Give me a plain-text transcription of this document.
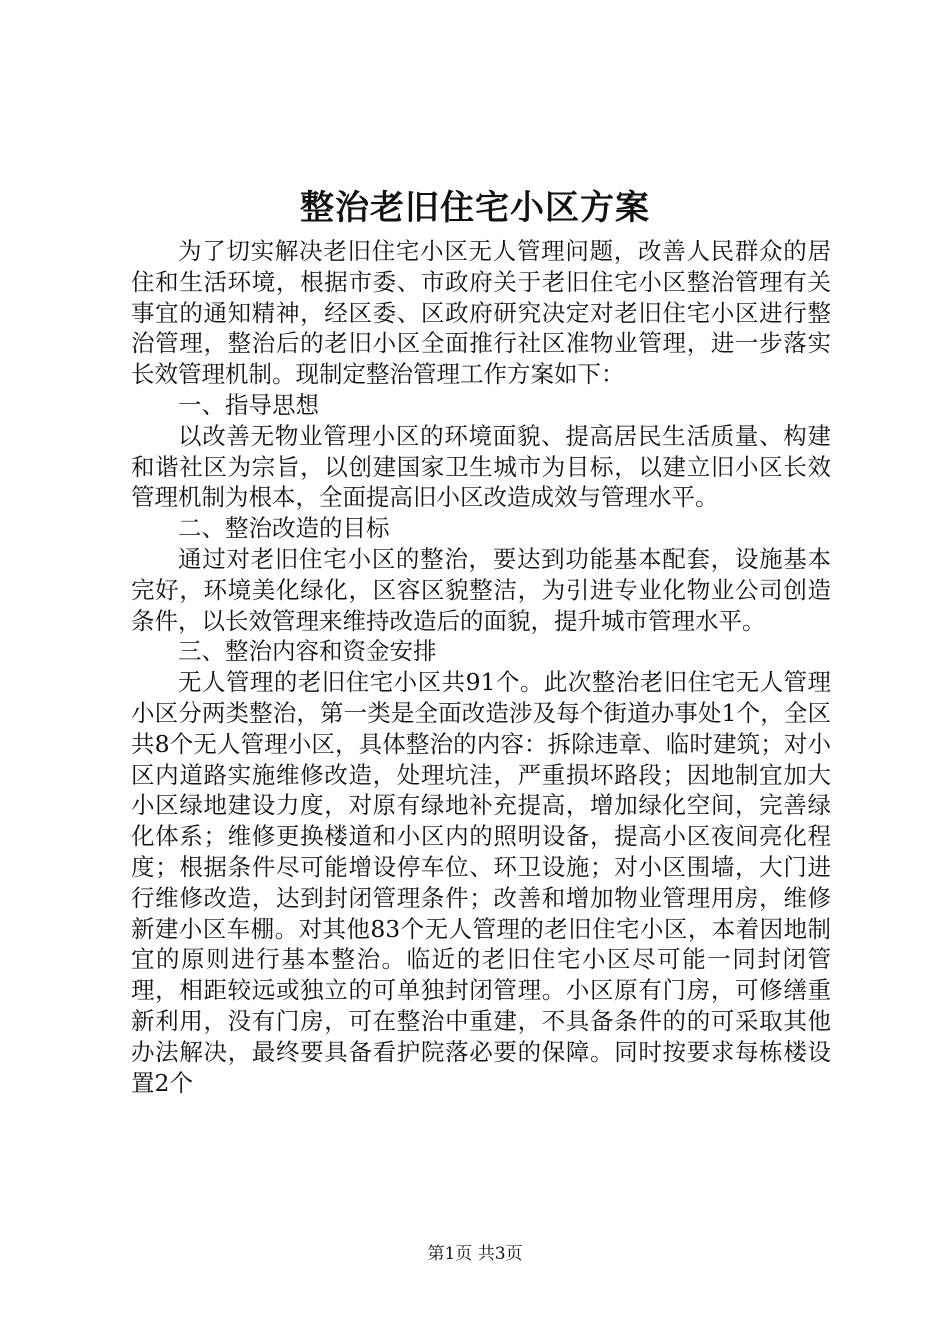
整治老旧住宅小区方案

为了切实解决老旧住宅小区无人管理问题，改善人民群众的居住和生活环境，根据市委、市政府关于老旧住宅小区整治管理有关事宜的通知精神，经区委、区政府研究决定对老旧住宅小区进行整治管理，整治后的老旧小区全面推行社区准物业管理，进一步落实长效管理机制。现制定整治管理工作方案如下：

一、指导思想

以改善无物业管理小区的环境面貌、提高居民生活质量、构建和谐社区为宗旨，以创建国家卫生城市为目标，以建立旧小区长效管理机制为根本，全面提高旧小区改造成效与管理水平。

二、整治改造的目标

通过对老旧住宅小区的整治，要达到功能基本配套，设施基本完好，环境美化绿化，区容区貌整洁，为引进专业化物业公司创造条件，以长效管理来维持改造后的面貌，提升城市管理水平。

三、整治内容和资金安排

无人管理的老旧住宅小区共91个。此次整治老旧住宅无人管理小区分两类整治，第一类是全面改造涉及每个街道办事处1个，全区共8个无人管理小区，具体整治的内容：拆除违章、临时建筑；对小区内道路实施维修改造，处理坑洼，严重损坏路段；因地制宜加大小区绿地建设力度，对原有绿地补充提高，增加绿化空间，完善绿化体系；维修更换楼道和小区内的照明设备，提高小区夜间亮化程度；根据条件尽可能增设停车位、环卫设施；对小区围墙，大门进行维修改造，达到封闭管理条件；改善和增加物业管理用房，维修新建小区车棚。对其他83个无人管理的老旧住宅小区，本着因地制宜的原则进行基本整治。临近的老旧住宅小区尽可能一同封闭管理，相距较远或独立的可单独封闭管理。小区原有门房，可修缮重新利用，没有门房，可在整治中重建，不具备条件的的可采取其他办法解决，最终要具备看护院落必要的保障。同时按要求每栋楼设置2个

第1页 共3页
